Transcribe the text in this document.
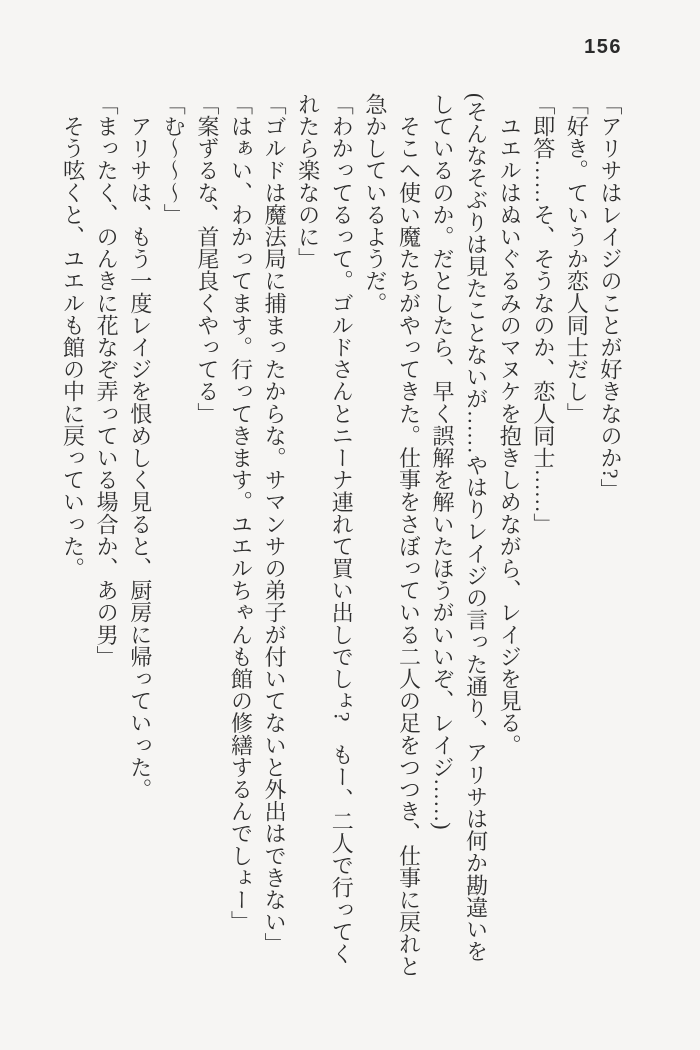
156

「アリサはレイジのことが好きなのか?」

「好き。ていうか恋人同士だし」

「即答……そ、そうなのか、恋人同士……」

　ユエルはぬいぐるみのマヌケを抱きしめながら、レイジを見る。

(そんなそぶりは見たことないが……やはりレイジの言った通り、アリサは何か勘違いを

しているのか。だとしたら、早く誤解を解いたほうがいいぞ、レイジ……)

　そこへ使い魔たちがやってきた。仕事をさぼっている二人の足をつつき、仕事に戻れと

急かしているようだ。

「わかってるって。ゴルドさんとニーナ連れて買い出しでしょ?　もー、二人で行ってく

れたら楽なのに」

「ゴルドは魔法局に捕まったからな。サマンサの弟子が付いてないと外出はできない」

「はぁい、わかってます。行ってきます。ユエルちゃんも館の修繕するんでしょー」

「案ずるな、首尾良くやってる」

「む〜〜〜」

　アリサは、もう一度レイジを恨めしく見ると、厨房に帰っていった。

「まったく、のんきに花なぞ弄っている場合か、あの男」

　そう呟くと、ユエルも館の中に戻っていった。
